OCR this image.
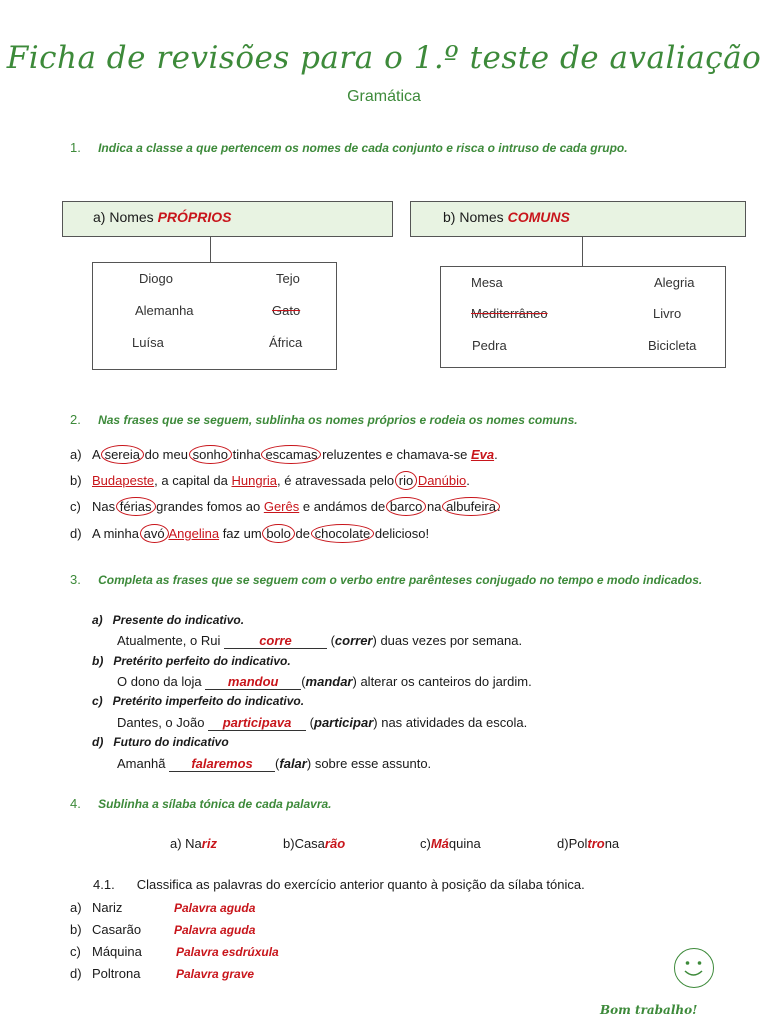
Ficha de revisões para o 1.º teste de avaliação
Gramática
1. Indica a classe a que pertencem os nomes de cada conjunto e risca o intruso de cada grupo.
a) Nomes PRÓPRIOS
Diogo	Tejo
Alemanha	Gato
Luísa	África
b) Nomes COMUNS
Mesa	Alegria
Mediterrâneo	Livro
Pedra	Bicicleta
2. Nas frases que se seguem, sublinha os nomes próprios e rodeia os nomes comuns.
a) A sereia do meu sonho tinha escamas reluzentes e chamava-se Eva.
b) Budapeste, a capital da Hungria, é atravessada pelo rio Danúbio.
c) Nas férias grandes fomos ao Gerês e andámos de barco na albufeira.
d) A minha avó Angelina faz um bolo de chocolate delicioso!
3. Completa as frases que se seguem com o verbo entre parênteses conjugado no tempo e modo indicados.
a) Presente do indicativo.
Atualmente, o Rui	corre	(correr) duas vezes por semana.
b) Pretérito perfeito do indicativo.
O dono da loja mandou (mandar) alterar os canteiros do jardim.
c) Pretérito imperfeito do indicativo.
Dantes, o João participava (participar) nas atividades da escola.
d) Futuro do indicativo
Amanhã falaremos (falar) sobre esse assunto.
4. Sublinha a sílaba tónica de cada palavra.
a) Nariz	b)Casarão	c)Máquina	d)Poltrona
4.1. Classifica as palavras do exercício anterior quanto à posição da sílaba tónica.
a) Nariz	Palavra aguda
b) Casarão	Palavra aguda
c) Máquina	Palavra esdrúxula
d) Poltrona	Palavra grave
Bom trabalho!
